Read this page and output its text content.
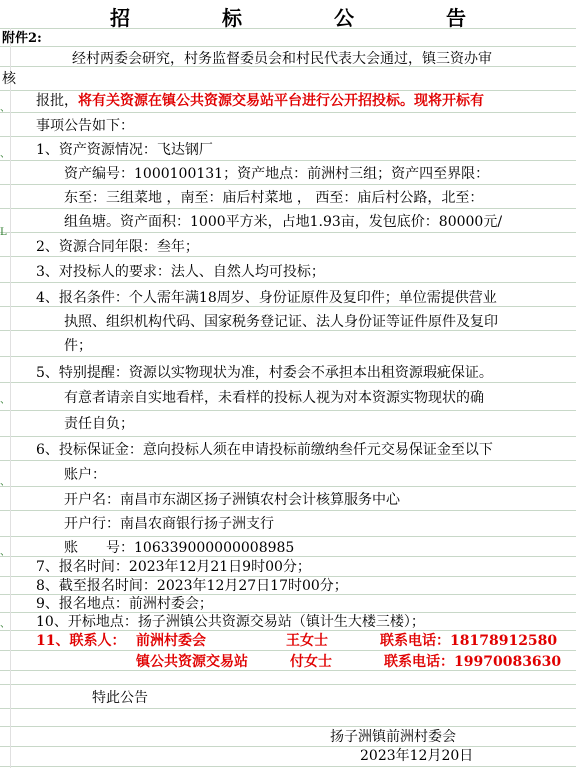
、
、
L
、
、
、
、
招　标　公　告
附件2:
经村两委会研究，村务监督委员会和村民代表大会通过，镇三资办审
核
报批，将有关资源在镇公共资源交易站平台进行公开招投标。现将开标有
事项公告如下：
1、资产资源情况：飞达钢厂
资产编号：1000100131；资产地点：前洲村三组；资产四至界限：
东至：三组菜地 ，南至：庙后村菜地 ， 西至：庙后村公路，北至：
组鱼塘。资产面积：1000平方米，占地1.93亩，发包底价：80000元/
2、资源合同年限：叁年；
3、对投标人的要求：法人、自然人均可投标；
4、报名条件：个人需年满18周岁、身份证原件及复印件；单位需提供营业
执照、组织机构代码、国家税务登记证、法人身份证等证件原件及复印
件；
5、特别提醒：资源以实物现状为准，村委会不承担本出租资源瑕疵保证。
有意者请亲自实地看样，未看样的投标人视为对本资源实物现状的确
责任自负；
6、投标保证金：意向投标人须在申请投标前缴纳叁仟元交易保证金至以下
账户：
开户名：南昌市东湖区扬子洲镇农村会计核算服务中心
开户行：南昌农商银行扬子洲支行
账　　号：106339000000008985
7、报名时间：2023年12月21日9时00分；
8、截至报名时间：2023年12月27日17时00分；
9、报名地点：前洲村委会；
10、开标地点：扬子洲镇公共资源交易站（镇计生大楼三楼）；
11、联系人： 前洲村委会	王女士	联系电话：18178912580
镇公共资源交易站	付女士	联系电话：19970083630
特此公告
扬子洲镇前洲村委会
2023年12月20日
